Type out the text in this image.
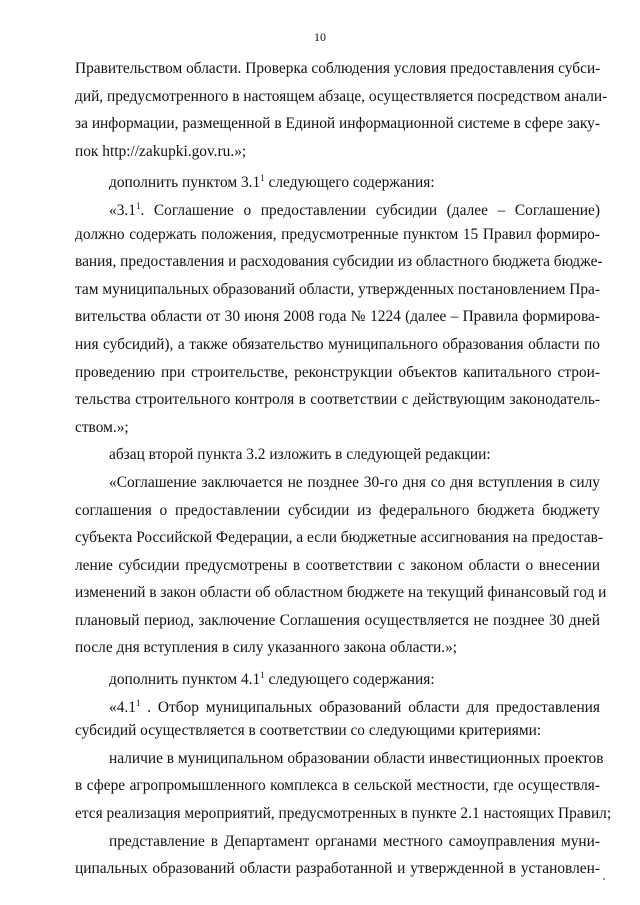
10
Правительством области. Проверка соблюдения условия предоставления субси-
дий, предусмотренного в настоящем абзаце, осуществляется посредством анали-
за информации, размещенной в Единой информационной системе в сфере заку-
пок http://zakupki.gov.ru.»;
дополнить пунктом $3.1^1$ следующего содержания:
«$3.1^1$. Соглашение о предоставлении субсидии (далее – Соглашение)
должно содержать положения, предусмотренные пунктом 15 Правил формиро-
вания, предоставления и расходования субсидии из областного бюджета бюдже-
там муниципальных образований области, утвержденных постановлением Пра-
вительства области от 30 июня 2008 года № 1224 (далее – Правила формирова-
ния субсидий), а также обязательство муниципального образования области по
проведению при строительстве, реконструкции объектов капитального строи-
тельства строительного контроля в соответствии с действующим законодатель-
ством.»;
абзац второй пункта 3.2 изложить в следующей редакции:
«Соглашение заключается не позднее 30-го дня со дня вступления в силу
соглашения о предоставлении субсидии из федерального бюджета бюджету
субъекта Российской Федерации, а если бюджетные ассигнования на предостав-
ление субсидии предусмотрены в соответствии с законом области о внесении
изменений в закон области об областном бюджете на текущий финансовый год и
плановый период, заключение Соглашения осуществляется не позднее 30 дней
после дня вступления в силу указанного закона области.»;
дополнить пунктом $4.1^1$ следующего содержания:
«$4.1^1$ . Отбор муниципальных образований области для предоставления
субсидий осуществляется в соответствии со следующими критериями:
наличие в муниципальном образовании области инвестиционных проектов
в сфере агропромышленного комплекса в сельской местности, где осуществля-
ется реализация мероприятий, предусмотренных в пункте 2.1 настоящих Правил;
представление в Департамент органами местного самоуправления муни-
ципальных образований области разработанной и утвержденной в установлен-
